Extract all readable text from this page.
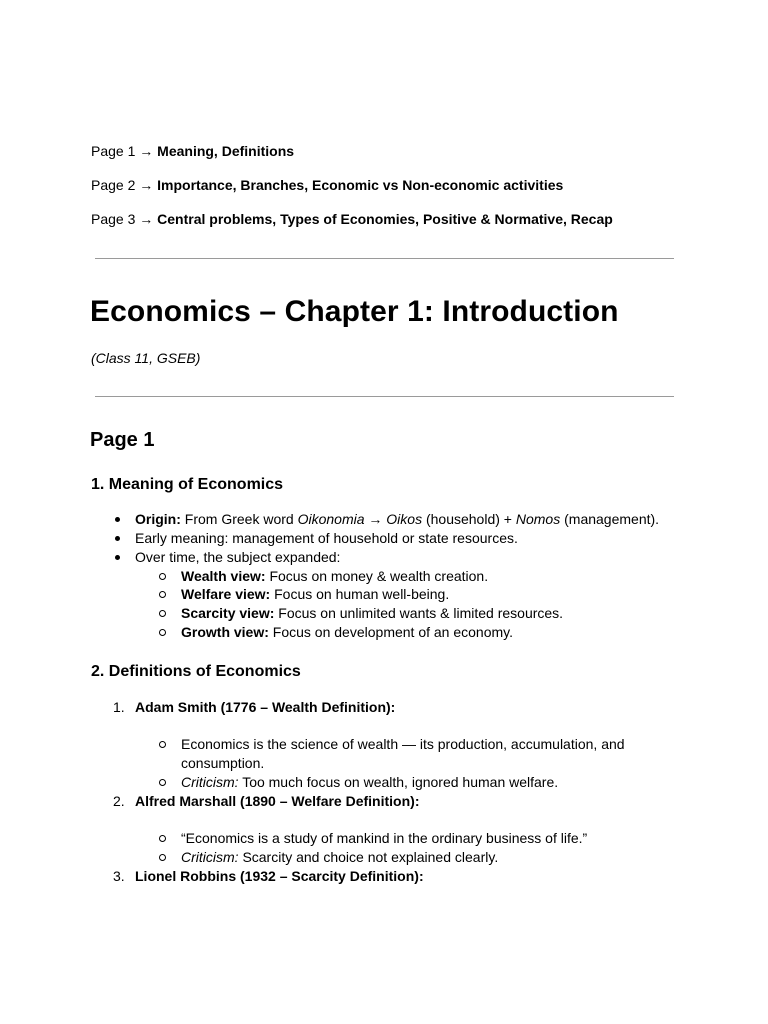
Page 1 → Meaning, Definitions
Page 2 → Importance, Branches, Economic vs Non-economic activities
Page 3 → Central problems, Types of Economies, Positive & Normative, Recap
Economics – Chapter 1: Introduction
(Class 11, GSEB)
Page 1
1. Meaning of Economics
Origin: From Greek word Oikonomia → Oikos (household) + Nomos (management).
Early meaning: management of household or state resources.
Over time, the subject expanded:
Wealth view: Focus on money & wealth creation.
Welfare view: Focus on human well-being.
Scarcity view: Focus on unlimited wants & limited resources.
Growth view: Focus on development of an economy.
2. Definitions of Economics
1. Adam Smith (1776 – Wealth Definition):
Economics is the science of wealth — its production, accumulation, and
consumption.
Criticism: Too much focus on wealth, ignored human welfare.
2. Alfred Marshall (1890 – Welfare Definition):
“Economics is a study of mankind in the ordinary business of life.”
Criticism: Scarcity and choice not explained clearly.
3. Lionel Robbins (1932 – Scarcity Definition):
